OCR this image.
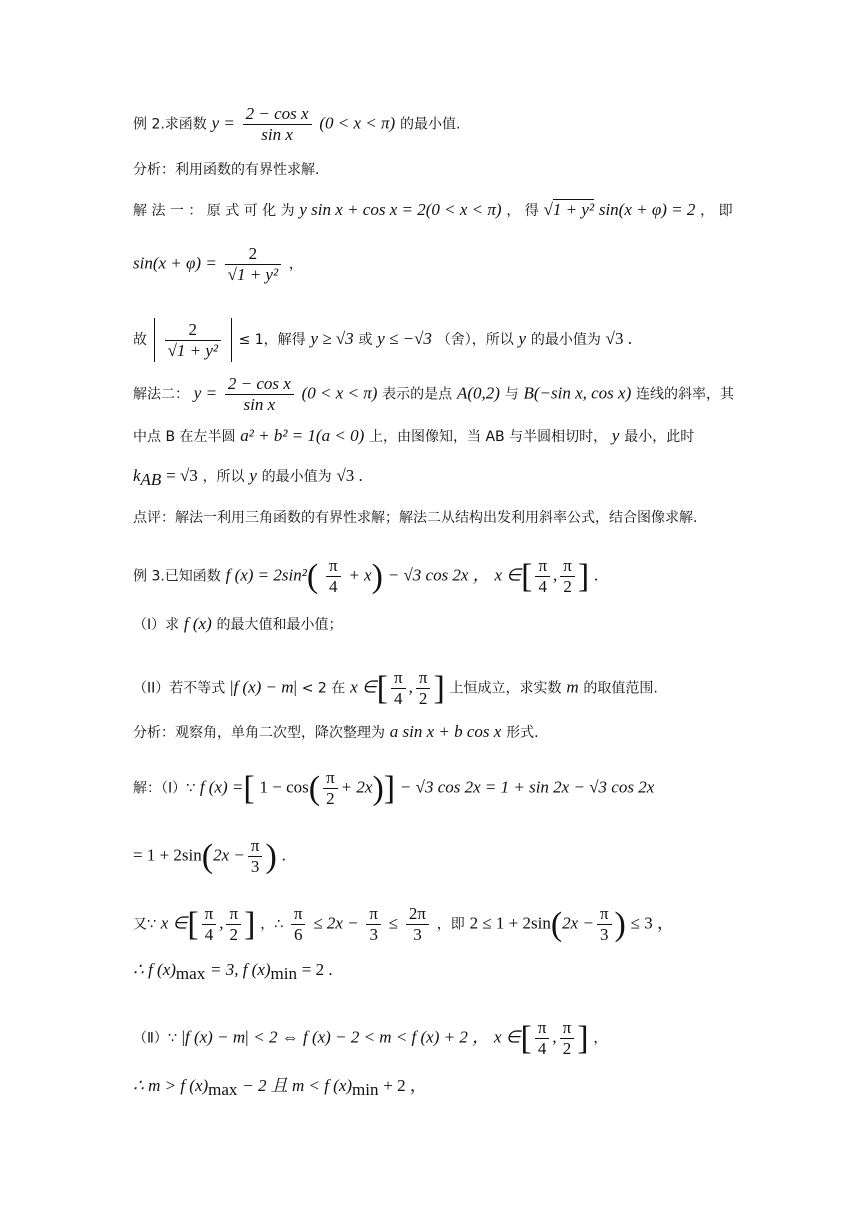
例 2.求函数 $y = \frac{\text{2 − cos x}}{\text{sin x}} (0 < x < \pi)$ 的最小值.
分析：利用函数的有界性求解.
解 法 一 ： 原 式 可 化 为 y sin x + cos x = 2(0 < x < π) ， 得 √1 + y² sin(x + φ) = 2 ， 即
$\sin(x + \varphi) = \frac{2}{\text{√1 + y²}}$ ，
故 $\frac{2}{\text{√1 + y²}} \le 1$，解得 y ≥ √3 或 y ≤ −√3 （舍），所以 y 的最小值为 √3 .
解法二： $y = \frac{\text{2 − cos x}}{\text{sin x}} (0 < x < \pi)$ 表示的是点 A(0,2) 与 B(−sin x, cos x) 连线的斜率，其
中点 B 在左半圆 a² + b² = 1(a < 0) 上，由图像知，当 AB 与半圆相切时， y 最小，此时
$k_{AB} = √3$ ，所以 y 的最小值为 √3 .
点评：解法一利用三角函数的有界性求解；解法二从结构出发利用斜率公式，结合图像求解.
例 3.已知函数 f $(x) = 2\sin^2( \frac{\pi}{4} + x) - √3$ cos 2x ， x ∈[ $\frac{\pi}{4}$ , $\frac{\pi}{2}$ ] .
（I）求 f (x) 的最大值和最小值；
（II）若不等式 |f (x) − m| < 2 在 x ∈[ $\frac{\pi}{4}$ , $\frac{\pi}{2}$ ] 上恒成立，求实数 m 的取值范围.
分析：观察角，单角二次型，降次整理为 a sin x + b cos x 形式.
解：（Ⅰ）∵ f (x) =[ $1 - \cos( \frac{\pi}{2} + 2x)] - √3$ cos 2x = 1 + sin 2x − √3 cos 2x
= $1 + 2\sin(2x - \frac{\pi}{3}$ ) .
又∵ x ∈[ $\frac{\pi}{4}$ , $\frac{\pi}{2}$ ] ，∴ $\frac{\pi}{6} \le 2x - \frac{\pi}{3} \le \frac{2\pi}{3}$ ，即 $2 \le 1 + 2\sin(2x - \frac{\pi}{3}$ ) ≤ 3 ，
∴ f $(x)_{max} = 3$, f $(x)_{min} = 2$ .
（Ⅱ）∵ |f (x) − m| < 2 ⇔ f (x) − 2 < m < f (x) + 2 ， x ∈[ $\frac{\pi}{4}$ , $\frac{\pi}{2}$ ] ，
∴ m > f $(x)_{max} - 2$ 且 m < f $(x)_{min} + 2$ ，
